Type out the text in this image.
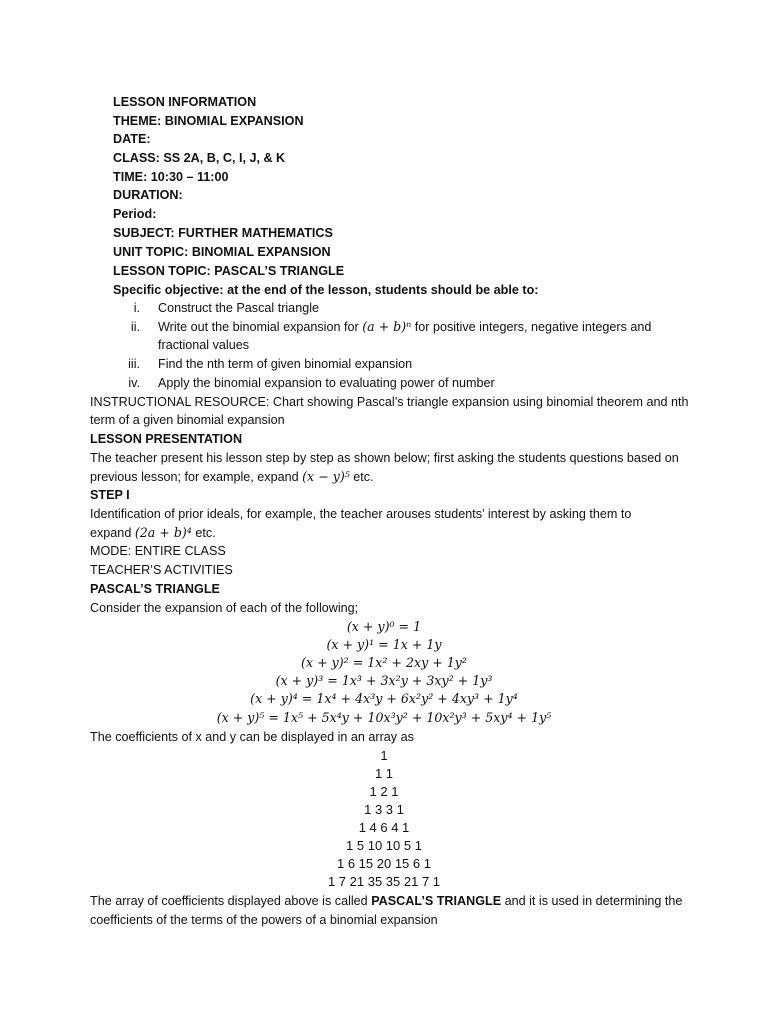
LESSON INFORMATION
THEME: BINOMIAL EXPANSION
DATE:
CLASS: SS 2A, B, C, I, J, & K
TIME: 10:30 – 11:00
DURATION:
Period:
SUBJECT: FURTHER MATHEMATICS
UNIT TOPIC: BINOMIAL EXPANSION
LESSON TOPIC: PASCAL’S TRIANGLE
Specific objective: at the end of the lesson, students should be able to:
i. Construct the Pascal triangle
ii. Write out the binomial expansion for (a + b)ⁿ for positive integers, negative integers and
fractional values
iii. Find the nth term of given binomial expansion
iv. Apply the binomial expansion to evaluating power of number
INSTRUCTIONAL RESOURCE: Chart showing Pascal’s triangle expansion using binomial theorem and nth
term of a given binomial expansion
LESSON PRESENTATION
The teacher present his lesson step by step as shown below; first asking the students questions based on
previous lesson; for example, expand (x − y)⁵ etc.
STEP I
Identification of prior ideals, for example, the teacher arouses students’ interest by asking them to
expand (2a + b)⁴ etc.
MODE: ENTIRE CLASS
TEACHER’S ACTIVITIES
PASCAL’S TRIANGLE
Consider the expansion of each of the following;
(x + y)⁰ = 1
(x + y)¹ = 1x + 1y
(x + y)² = 1x² + 2xy + 1y²
(x + y)³ = 1x³ + 3x²y + 3xy² + 1y³
(x + y)⁴ = 1x⁴ + 4x³y + 6x²y² + 4xy³ + 1y⁴
(x + y)⁵ = 1x⁵ + 5x⁴y + 10x³y² + 10x²y³ + 5xy⁴ + 1y⁵
The coefficients of x and y can be displayed in an array as
1
1 1
1 2 1
1 3 3 1
1 4 6 4 1
1 5 10 10 5 1
1 6 15 20 15 6 1
1 7 21 35 35 21 7 1
The array of coefficients displayed above is called PASCAL’S TRIANGLE and it is used in determining the
coefficients of the terms of the powers of a binomial expansion
